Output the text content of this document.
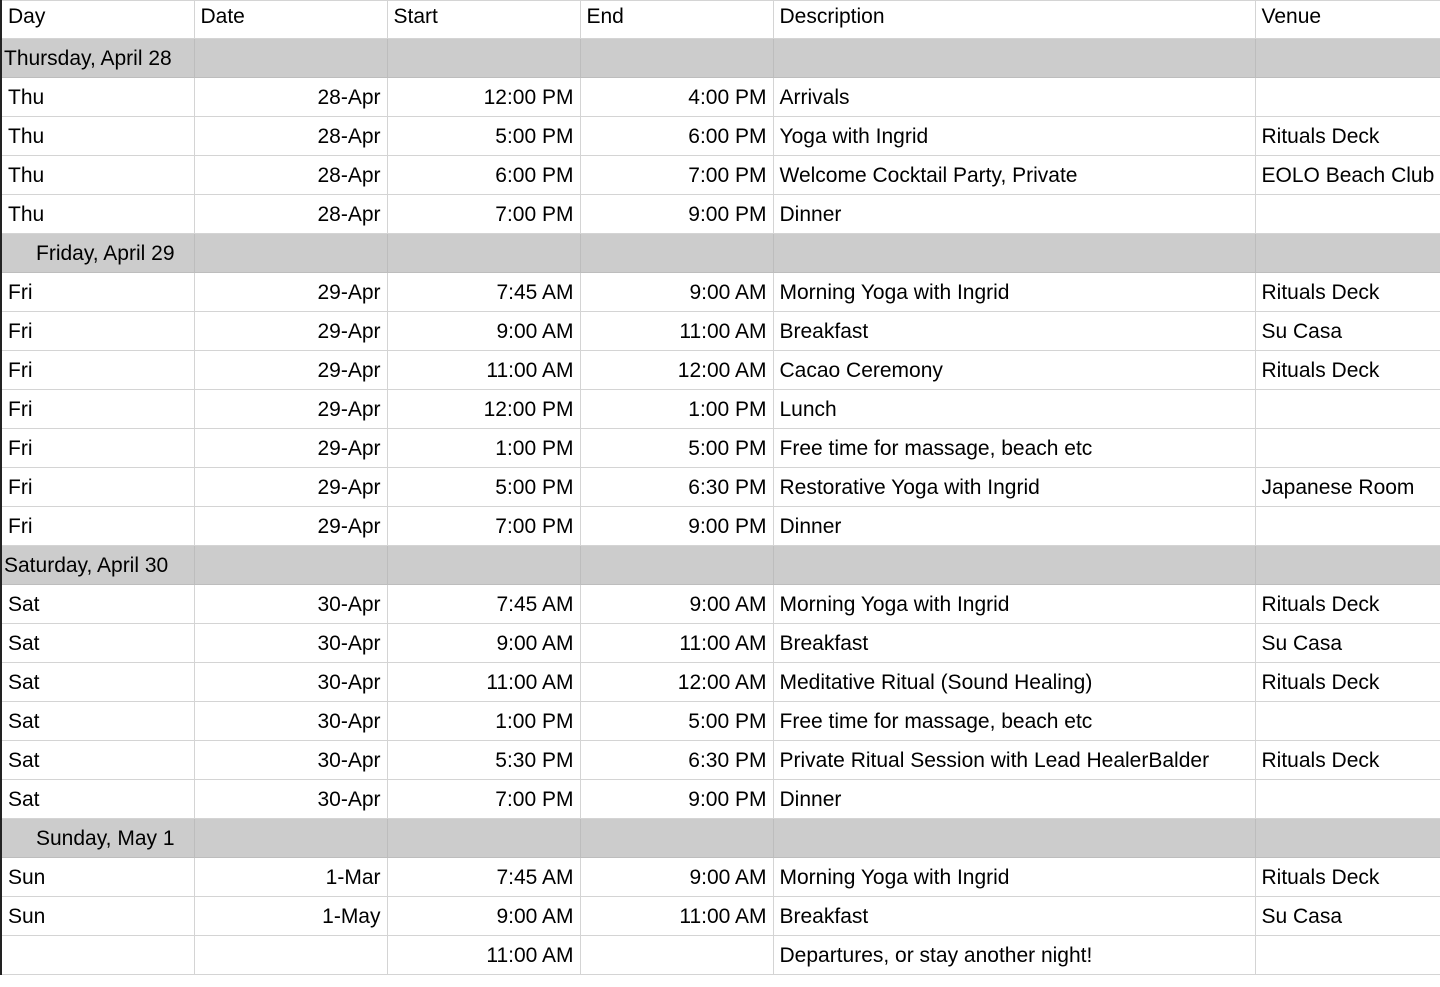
Day	Date	Start	End	Description	Venue
Thursday, April 28					
Thu	28-Apr	12:00 PM	4:00 PM	Arrivals	
Thu	28-Apr	5:00 PM	6:00 PM	Yoga with Ingrid	Rituals Deck
Thu	28-Apr	6:00 PM	7:00 PM	Welcome Cocktail Party, Private	EOLO Beach Club
Thu	28-Apr	7:00 PM	9:00 PM	Dinner	
Friday, April 29					
Fri	29-Apr	7:45 AM	9:00 AM	Morning Yoga with Ingrid	Rituals Deck
Fri	29-Apr	9:00 AM	11:00 AM	Breakfast	Su Casa
Fri	29-Apr	11:00 AM	12:00 AM	Cacao Ceremony	Rituals Deck
Fri	29-Apr	12:00 PM	1:00 PM	Lunch	
Fri	29-Apr	1:00 PM	5:00 PM	Free time for massage, beach etc	
Fri	29-Apr	5:00 PM	6:30 PM	Restorative Yoga with Ingrid	Japanese Room
Fri	29-Apr	7:00 PM	9:00 PM	Dinner	
Saturday, April 30					
Sat	30-Apr	7:45 AM	9:00 AM	Morning Yoga with Ingrid	Rituals Deck
Sat	30-Apr	9:00 AM	11:00 AM	Breakfast	Su Casa
Sat	30-Apr	11:00 AM	12:00 AM	Meditative Ritual (Sound Healing)	Rituals Deck
Sat	30-Apr	1:00 PM	5:00 PM	Free time for massage, beach etc	
Sat	30-Apr	5:30 PM	6:30 PM	Private Ritual Session with Lead HealerBalder	Rituals Deck
Sat	30-Apr	7:00 PM	9:00 PM	Dinner	
Sunday, May 1					
Sun	1-Mar	7:45 AM	9:00 AM	Morning Yoga with Ingrid	Rituals Deck
Sun	1-May	9:00 AM	11:00 AM	Breakfast	Su Casa
		11:00 AM		Departures, or stay another night!	
